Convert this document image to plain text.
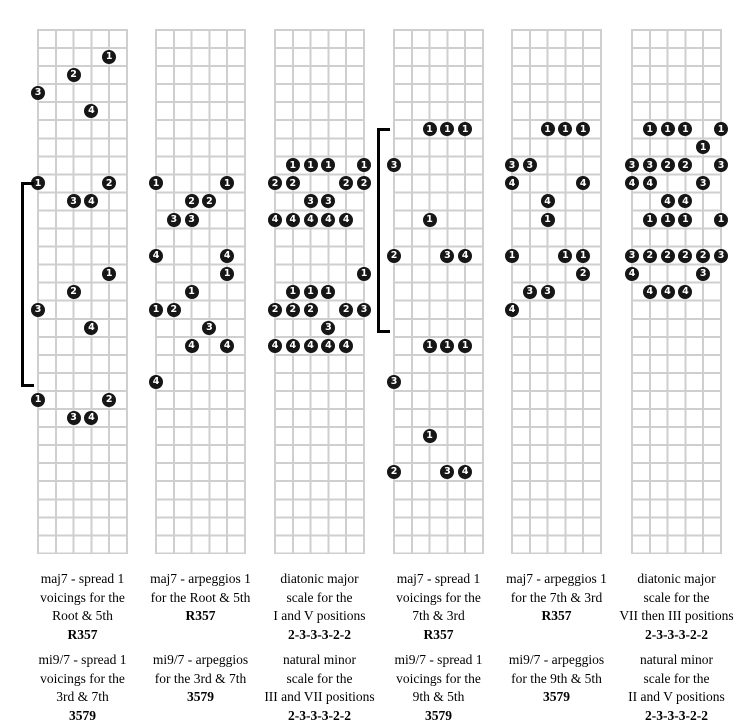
1
2
3
4
1	2
3	4
1
2
3
4
1	2
3	4
maj7 - spread 1
voicings for the
Root & 5th
R357
mi9/7 - spread 1
voicings for the
3rd & 7th
3579
1	1
2	2
3	3
4	4
1
1
1	2
3
4	4
4
maj7 - arpeggios 1
for the Root & 5th
R357
mi9/7 - arpeggios
for the 3rd & 7th
3579
1	1	1	1
2	2	2	2
3	3
4	4	4	4	4
1
1	1	1
2	2	2	2	3
3
4	4	4	4	4
diatonic major
scale for the
I and V positions
2-3-3-3-2-2
natural minor
scale for the
III and VII positions
2-3-3-3-2-2
1	1	1
3
1
2	3	4
1	1	1
3
1
2	3	4
maj7 - spread 1
voicings for the
7th & 3rd
R357
mi9/7 - spread 1
voicings for the
9th & 5th
3579
1	1	1
3	3
4	4
4
1
1	1	1
2
3	3
4
maj7 - arpeggios 1
for the 7th & 3rd
R357
mi9/7 - arpeggios
for the 9th & 5th
3579
1	1	1	1
1
3	3	2	2	3
4	4	3
4	4
1	1	1	1
3	2	2	2	2	3
4	3
4	4	4
diatonic major
scale for the
VII then III positions
2-3-3-3-2-2
natural minor
scale for the
II and V positions
2-3-3-3-2-2
